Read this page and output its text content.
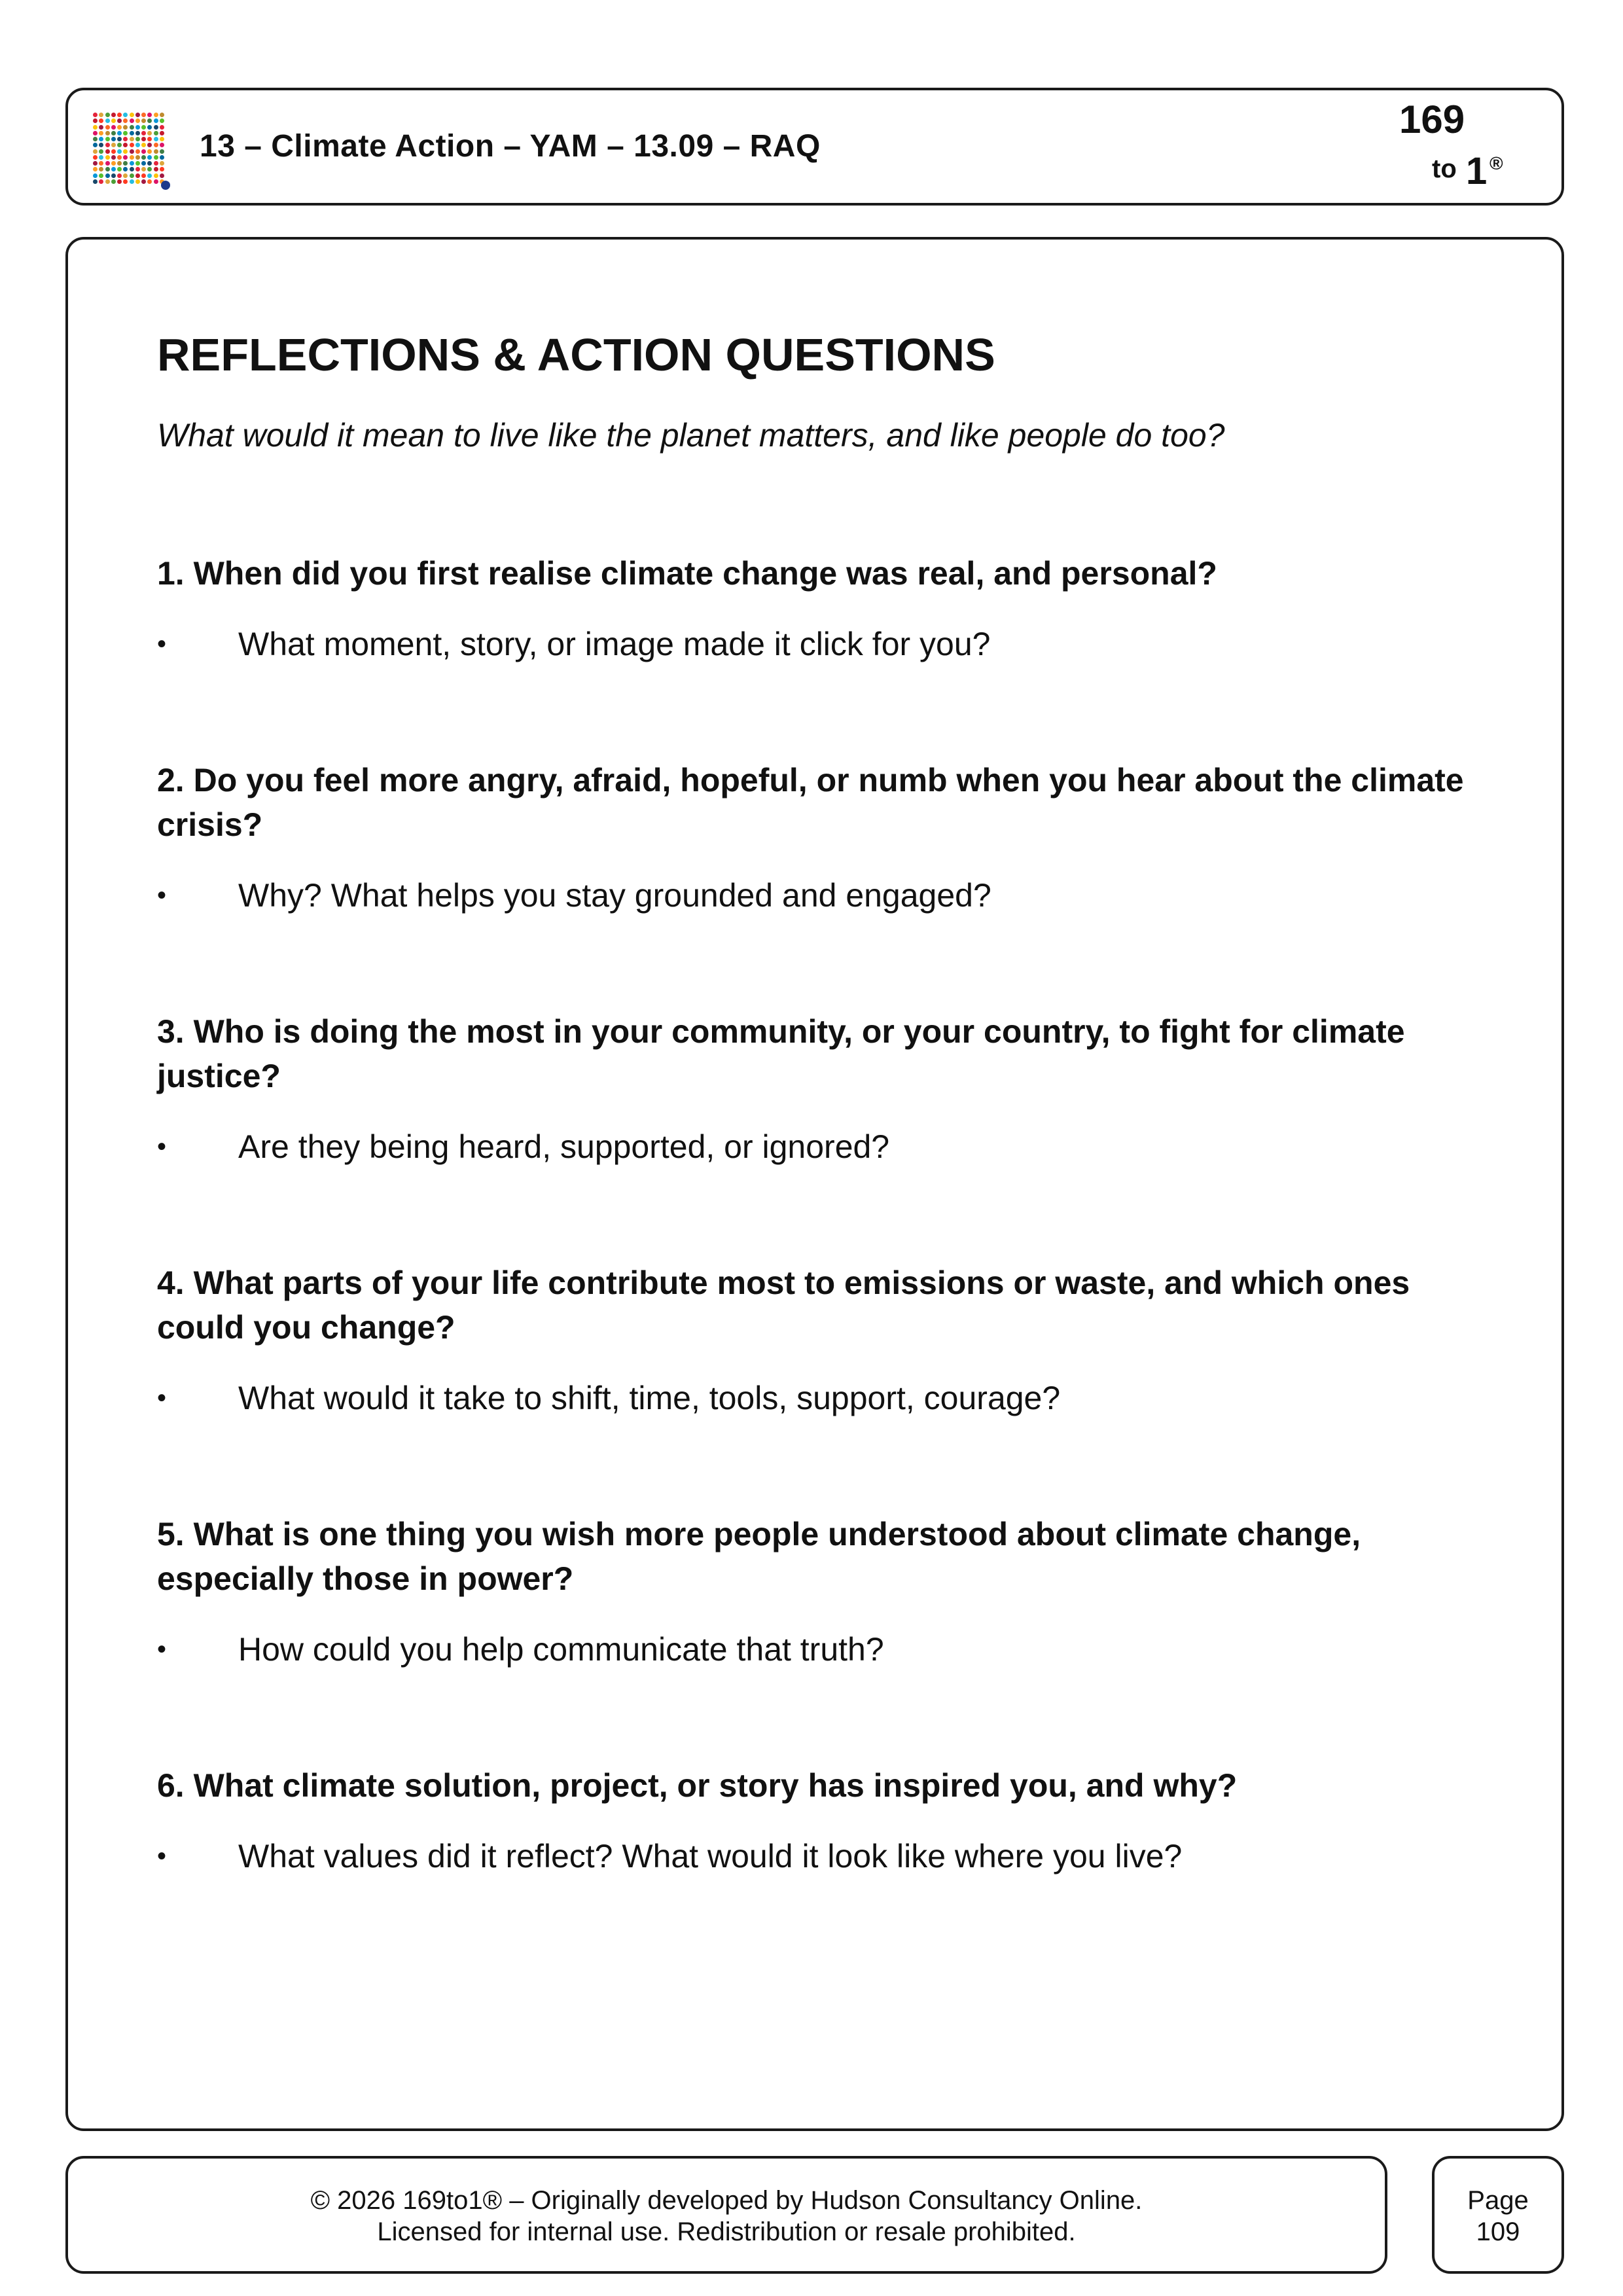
13 – Climate Action – YAM – 13.09 – RAQ
169
to 1 ®
REFLECTIONS & ACTION QUESTIONS

What would it mean to live like the planet matters, and like people do too?

1. When did you first realise climate change was real, and personal?

• What moment, story, or image made it click for you?

2. Do you feel more angry, afraid, hopeful, or numb when you hear about the climate crisis?

• Why? What helps you stay grounded and engaged?

3. Who is doing the most in your community, or your country, to fight for climate justice?

• Are they being heard, supported, or ignored?

4. What parts of your life contribute most to emissions or waste, and which ones could you change?

• What would it take to shift, time, tools, support, courage?

5. What is one thing you wish more people understood about climate change, especially those in power?

• How could you help communicate that truth?

6. What climate solution, project, or story has inspired you, and why?

• What values did it reflect? What would it look like where you live?
© 2026 169to1® – Originally developed by Hudson Consultancy Online.
Licensed for internal use. Redistribution or resale prohibited.
Page
109
